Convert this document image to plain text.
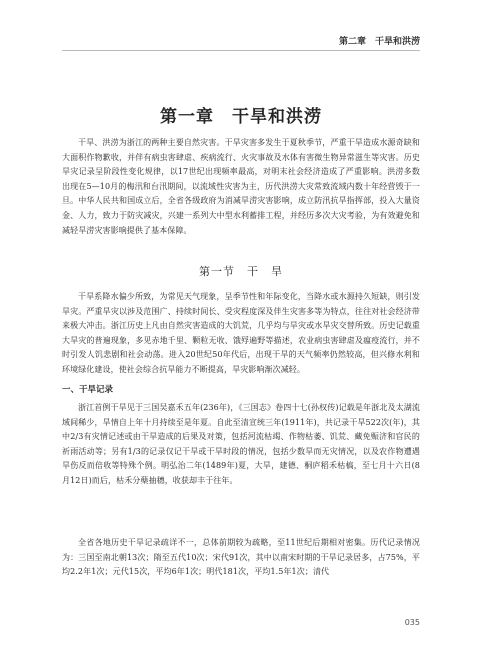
第二章　干旱和洪涝
第一章　干旱和洪涝

干旱、洪涝为浙江的两种主要自然灾害。干旱灾害多发生于夏秋季节，严重干旱造成水源奇缺和大面积作物歉收，并伴有病虫害肆虐、疾病流行、火灾事故及水体有害微生物异常滋生等灾害。历史旱灾记录呈阶段性变化规律，以17世纪出现频率最高，对明末社会经济造成了严重影响。洪涝多数出现在5—10月的梅汛和台汛期间，以流域性灾害为主，历代洪涝大灾常致流域内数十年经营毁于一旦。中华人民共和国成立后，全省各级政府为消减旱涝灾害影响，成立防汛抗旱指挥部，投入大量资金、人力，致力于防灾减灾，兴建一系列大中型水利蓄排工程，并经历多次大灾考验，为有效避免和减轻旱涝灾害影响提供了基本保障。

第一节　干　旱

干旱系降水偏少所致，为常见天气现象，呈季节性和年际变化，当降水或水源持久短缺，则引发旱灾。严重旱灾以涉及范围广、持续时间长、受灾程度深及伴生灾害多等为特点，往往对社会经济带来极大冲击。浙江历史上凡由自然灾害造成的大饥荒，几乎均与旱灾或水旱灾交替所致。历史记载重大旱灾的普遍现象，多见赤地千里、颗粒无收、饿殍遍野等描述，农业病虫害肆虐及瘟疫流行，并不时引发人饥悲剧和社会动荡。进入20世纪50年代后，出现干旱的天气频率仍然较高，但兴修水利和环境绿化建设，使社会综合抗旱能力不断提高，旱灾影响渐次减轻。

一、干旱记录

浙江首例干旱见于三国吴嘉禾五年(236年)，《三国志》卷四十七(孙权传)记载是年浙北及太湖流域间稀少，旱情自上年十月持续至是年夏。自此至清宣统三年(1911年)，共记录干旱522次(年)，其中2/3有灾情记述或由干旱造成的后果及对策，包括河流枯竭、作物枯萎、饥荒、藏免赈济和官民的祈雨活动等；另有1/3的记录仅记干旱或干旱时段的情况，包括少数旱而无灾情况，以及农作物遭遇旱伤反而倍收等特殊个例。明弘治二年(1489年)夏，大旱，建德、桐庐稻禾枯槁，至七月十六日(8月12日)而后，枯禾分蘖抽穗，收获却丰于往年。

全省各地历史干旱记录疏详不一，总体前期较为疏略，至11世纪后期相对密集。历代记录情况为：三国至南北朝13次；隋至五代10次；宋代91次，其中以南宋时期的干旱记录居多，占75%，平均2.2年1次；元代15次，平均6年1次；明代181次，平均1.5年1次；清代

035
